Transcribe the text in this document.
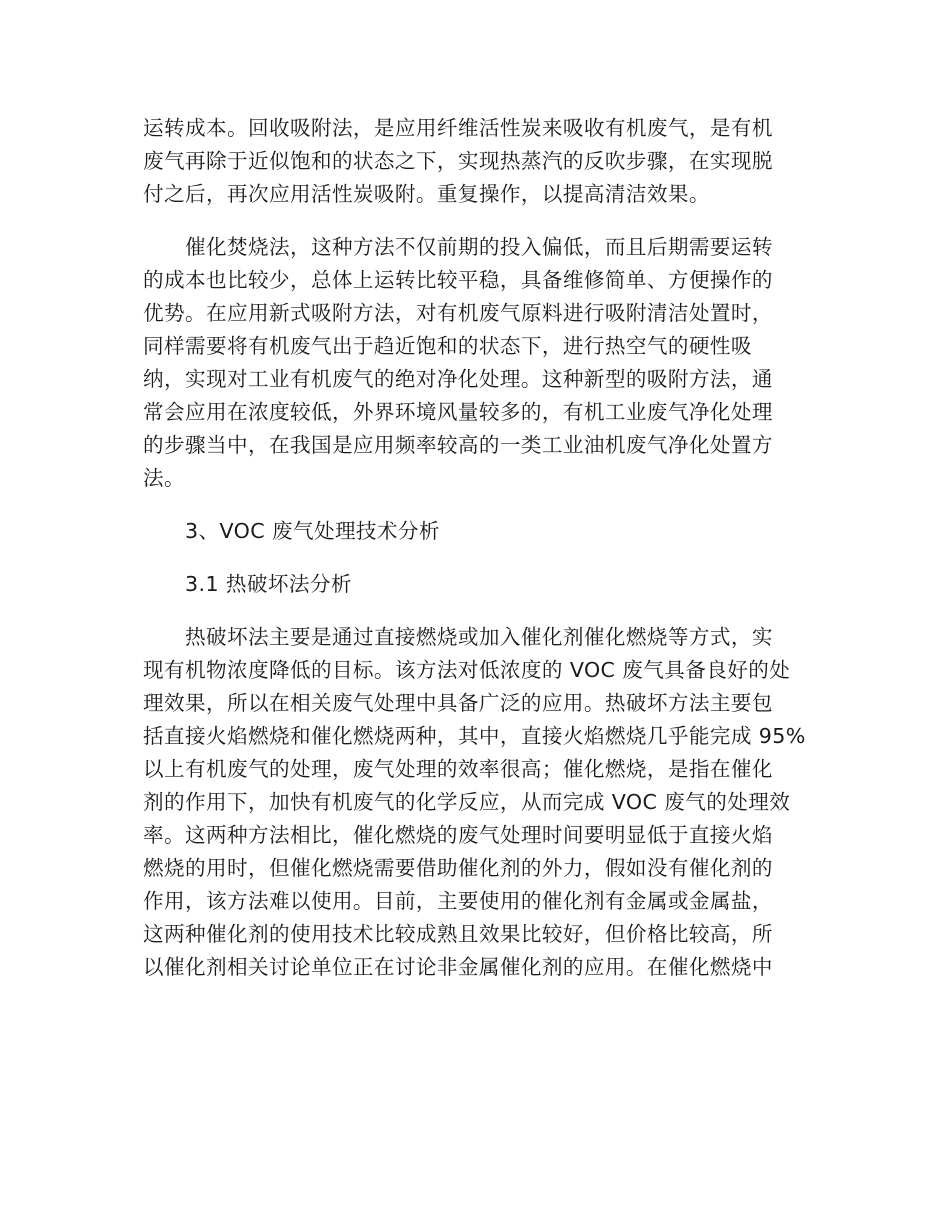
运转成本。回收吸附法，是应用纤维活性炭来吸收有机废气，是有机
废气再除于近似饱和的状态之下，实现热蒸汽的反吹步骤，在实现脱
付之后，再次应用活性炭吸附。重复操作，以提高清洁效果。
催化焚烧法，这种方法不仅前期的投入偏低，而且后期需要运转
的成本也比较少，总体上运转比较平稳，具备维修简单、方便操作的
优势。在应用新式吸附方法，对有机废气原料进行吸附清洁处置时，
同样需要将有机废气出于趋近饱和的状态下，进行热空气的硬性吸
纳，实现对工业有机废气的绝对净化处理。这种新型的吸附方法，通
常会应用在浓度较低，外界环境风量较多的，有机工业废气净化处理
的步骤当中，在我国是应用频率较高的一类工业油机废气净化处置方
法。
3、VOC 废气处理技术分析
3.1 热破坏法分析
热破坏法主要是通过直接燃烧或加入催化剂催化燃烧等方式，实
现有机物浓度降低的目标。该方法对低浓度的 VOC 废气具备良好的处
理效果，所以在相关废气处理中具备广泛的应用。热破坏方法主要包
括直接火焰燃烧和催化燃烧两种，其中，直接火焰燃烧几乎能完成 95%
以上有机废气的处理，废气处理的效率很高；催化燃烧，是指在催化
剂的作用下，加快有机废气的化学反应，从而完成 VOC 废气的处理效
率。这两种方法相比，催化燃烧的废气处理时间要明显低于直接火焰
燃烧的用时，但催化燃烧需要借助催化剂的外力，假如没有催化剂的
作用，该方法难以使用。目前，主要使用的催化剂有金属或金属盐，
这两种催化剂的使用技术比较成熟且效果比较好，但价格比较高，所
以催化剂相关讨论单位正在讨论非金属催化剂的应用。在催化燃烧中
